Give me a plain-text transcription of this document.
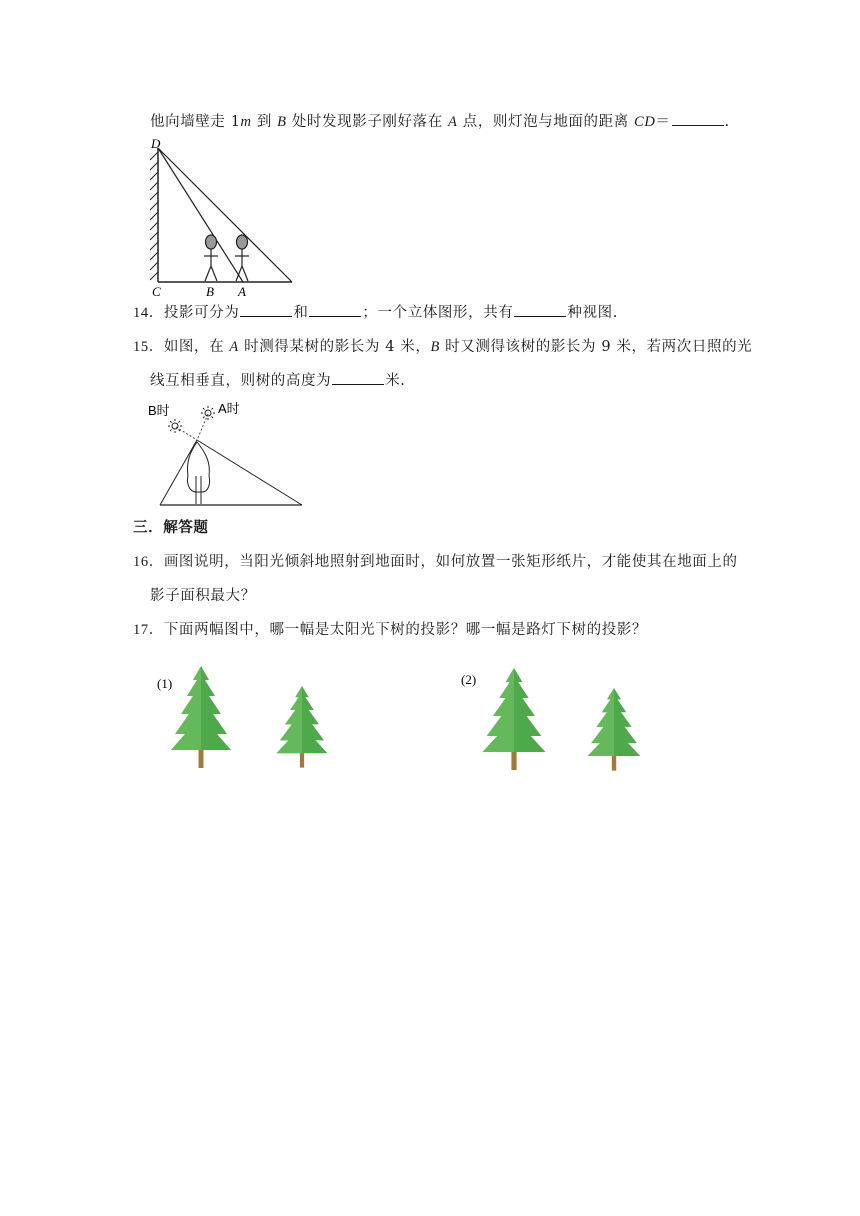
他向墙壁走 1m 到 B 处时发现影子刚好落在 A 点，则灯泡与地面的距离 CD＝	.
D
C	B A
14．投影可分为	和	；一个立体图形，共有	种视图.
15．如图，在 A 时测得某树的影长为 4 米，B 时又测得该树的影长为 9 米，若两次日照的光
线互相垂直，则树的高度为	米.
B时	A时
三．解答题
16．画图说明，当阳光倾斜地照射到地面时，如何放置一张矩形纸片，才能使其在地面上的
影子面积最大？
17．下面两幅图中，哪一幅是太阳光下树的投影？哪一幅是路灯下树的投影？
(1)	(2)
